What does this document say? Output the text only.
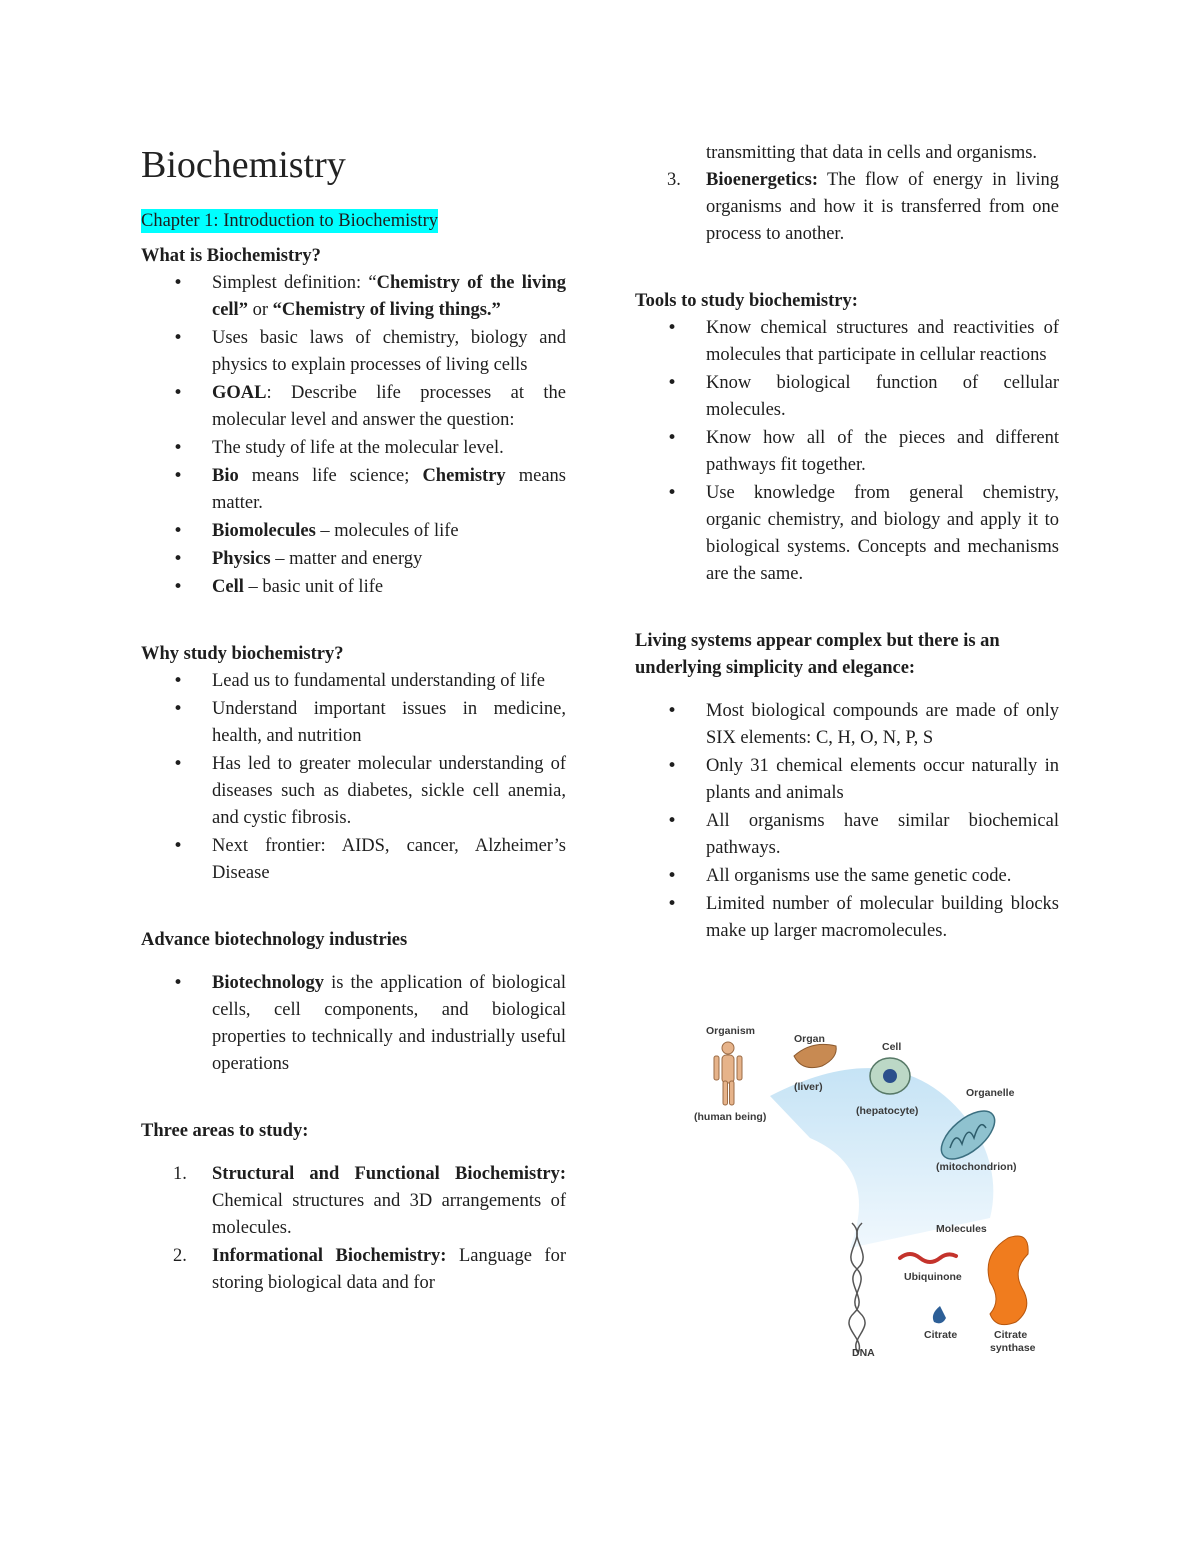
Biochemistry
Chapter 1: Introduction to Biochemistry

What is Biochemistry?

• Simplest definition: “Chemistry of the living cell” or “Chemistry of living things.”
• Uses basic laws of chemistry, biology and physics to explain processes of living cells
• GOAL: Describe life processes at the molecular level and answer the question:
• The study of life at the molecular level.
• Bio means life science; Chemistry means matter.
• Biomolecules – molecules of life
• Physics – matter and energy
• Cell – basic unit of life

Why study biochemistry?

• Lead us to fundamental understanding of life
• Understand important issues in medicine, health, and nutrition
• Has led to greater molecular understanding of diseases such as diabetes, sickle cell anemia, and cystic fibrosis.
• Next frontier: AIDS, cancer, Alzheimer’s Disease

Advance biotechnology industries

• Biotechnology is the application of biological cells, cell components, and biological properties to technically and industrially useful operations

Three areas to study:

1. Structural and Functional Biochemistry: Chemical structures and 3D arrangements of molecules.
2. Informational Biochemistry: Language for storing biological data and for
transmitting that data in cells and organisms.
3. Bioenergetics: The flow of energy in living organisms and how it is transferred from one process to another.

Tools to study biochemistry:

• Know chemical structures and reactivities of molecules that participate in cellular reactions
• Know biological function of cellular molecules.
• Know how all of the pieces and different pathways fit together.
• Use knowledge from general chemistry, organic chemistry, and biology and apply it to biological systems. Concepts and mechanisms are the same.

Living systems appear complex but there is an underlying simplicity and elegance:

• Most biological compounds are made of only SIX elements: C, H, O, N, P, S
• Only 31 chemical elements occur naturally in plants and animals
• All organisms have similar biochemical pathways.
• All organisms use the same genetic code.
• Limited number of molecular building blocks make up larger macromolecules.
Organism
(human being)
Organ
(liver)
Cell
(hepatocyte)
Organelle
(mitochondrion)
Molecules
Ubiquinone
Citrate	Citrate
synthase
DNA
